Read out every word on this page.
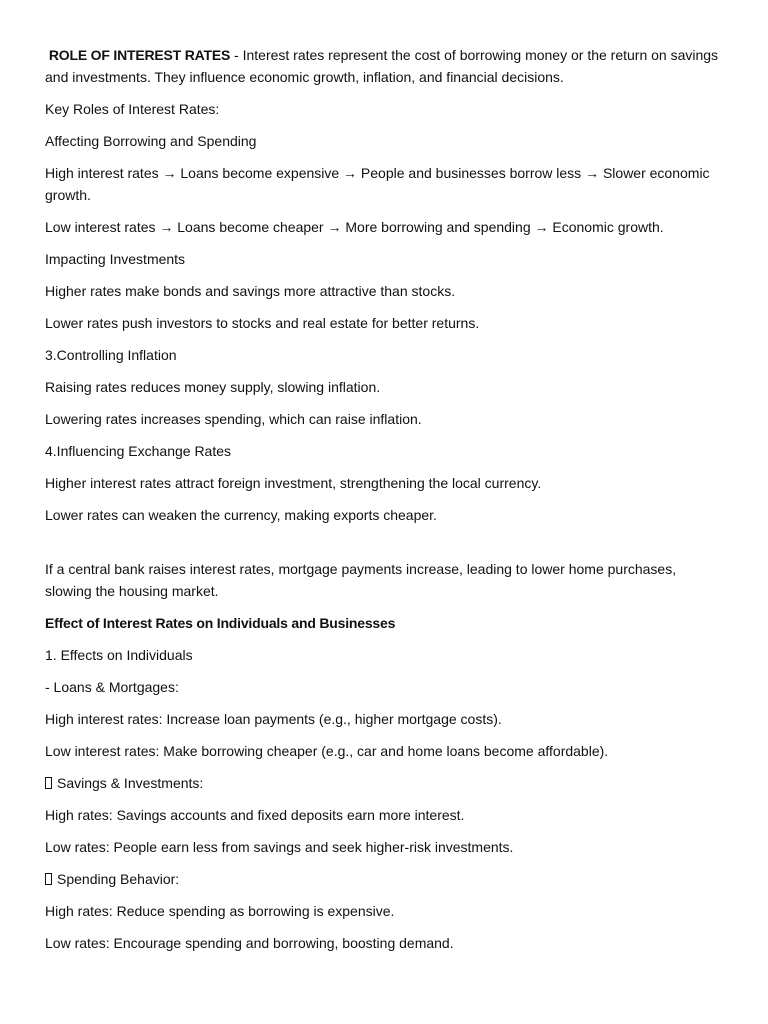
ROLE OF INTEREST RATES - Interest rates represent the cost of borrowing money or the return on savings and investments. They influence economic growth, inflation, and financial decisions.

Key Roles of Interest Rates:

Affecting Borrowing and Spending

High interest rates → Loans become expensive → People and businesses borrow less → Slower economic growth.

Low interest rates → Loans become cheaper → More borrowing and spending → Economic growth.

Impacting Investments

Higher rates make bonds and savings more attractive than stocks.

Lower rates push investors to stocks and real estate for better returns.

3.Controlling Inflation

Raising rates reduces money supply, slowing inflation.

Lowering rates increases spending, which can raise inflation.

4.Influencing Exchange Rates

Higher interest rates attract foreign investment, strengthening the local currency.

Lower rates can weaken the currency, making exports cheaper.

If a central bank raises interest rates, mortgage payments increase, leading to lower home purchases, slowing the housing market.

Effect of Interest Rates on Individuals and Businesses

1. Effects on Individuals

- Loans & Mortgages:

High interest rates: Increase loan payments (e.g., higher mortgage costs).

Low interest rates: Make borrowing cheaper (e.g., car and home loans become affordable).

Savings & Investments:

High rates: Savings accounts and fixed deposits earn more interest.

Low rates: People earn less from savings and seek higher-risk investments.

Spending Behavior:

High rates: Reduce spending as borrowing is expensive.

Low rates: Encourage spending and borrowing, boosting demand.
